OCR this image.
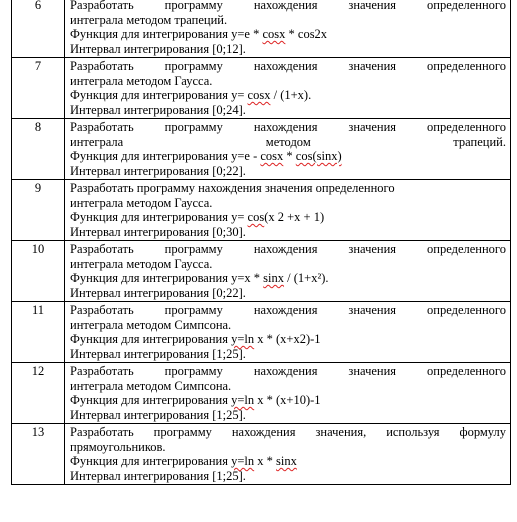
6	Разработать программу нахождения значения определенного
интеграла методом трапеций.
Функция для интегрирования y=e * cosx * cos2x
Интервал интегрирования [0;12].

7	Разработать программу нахождения значения определенного
интеграла методом Гаусса.
Функция для интегрирования y= cosx / (1+x).
Интервал интегрирования [0;24].

8	Разработать программу нахождения значения определенного
интеграла методом трапеций.
Функция для интегрирования y=e - cosx * cos(sinx)
Интервал интегрирования [0;22].

9	Разработать программу нахождения значения определенного
интеграла методом Гаусса.
Функция для интегрирования y= cos(x 2 +x + 1)
Интервал интегрирования [0;30].

10	Разработать программу нахождения значения определенного
интеграла методом Гаусса.
Функция для интегрирования y=x * sinx / (1+x²).
Интервал интегрирования [0;22].

11	Разработать программу нахождения значения определенного
интеграла методом Симпсона.
Функция для интегрирования y=ln x * (x+x2)-1
Интервал интегрирования [1;25].

12	Разработать программу нахождения значения определенного
интеграла методом Симпсона.
Функция для интегрирования y=ln x * (x+10)-1
Интервал интегрирования [1;25].

13	Разработать программу нахождения значения, используя формулу
прямоугольников.
Функция для интегрирования y=ln x * sinx
Интервал интегрирования [1;25].
